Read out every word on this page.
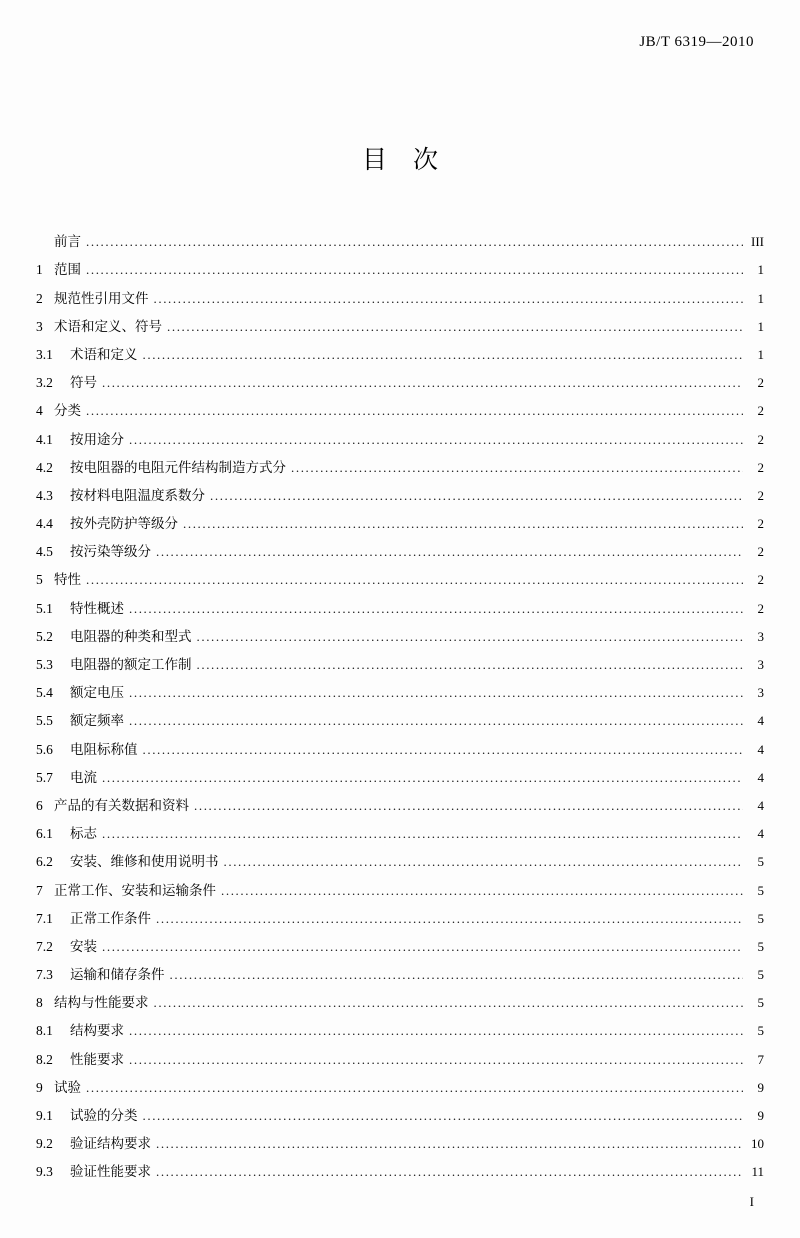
JB/T 6319—2010
目次
前言 .....	III
1 范围 .....	1
2 规范性引用文件 .....	1
3 术语和定义、符号 .....	1
3.1	术语和定义 .....	1
3.2	符号 .....	2
4 分类 .....	2
4.1	按用途分 .....	2
4.2	按电阻器的电阻元件结构制造方式分 .....	2
4.3	按材料电阻温度系数分 .....	2
4.4	按外壳防护等级分 .....	2
4.5	按污染等级分 .....	2
5 特性 .....	2
5.1	特性概述 .....	2
5.2	电阻器的种类和型式 .....	3
5.3	电阻器的额定工作制 .....	3
5.4	额定电压 .....	3
5.5	额定频率 .....	4
5.6	电阻标称值 .....	4
5.7	电流 .....	4
6 产品的有关数据和资料 .....	4
6.1	标志 .....	4
6.2	安装、维修和使用说明书 .....	5
7 正常工作、安装和运输条件 .....	5
7.1	正常工作条件 .....	5
7.2	安装 .....	5
7.3	运输和储存条件 .....	5
8 结构与性能要求 .....	5
8.1	结构要求 .....	5
8.2	性能要求 .....	7
9 试验 .....	9
9.1	试验的分类 .....	9
9.2	验证结构要求 .....	10
9.3	验证性能要求 .....	11
I
